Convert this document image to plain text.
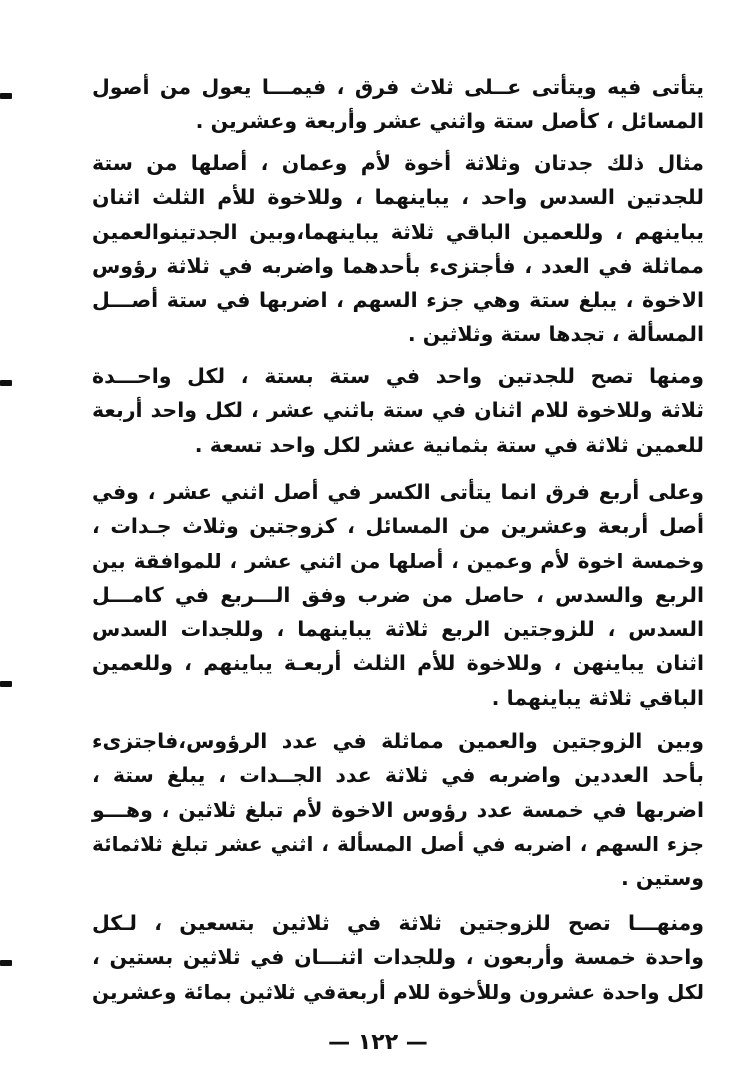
يتأتى فيه ويتأتى عــلى ثلاث فرق ، فيمـــا يعول من أصول
المسائل ، كأصل ستة واثني عشر وأربعة وعشرين .
مثال ذلك جدتان وثلاثة أخوة لأم وعمان ، أصلها من ستة
للجدتين السدس واحد ، يباينهما ، وللاخوة للأم الثلث اثنان
يباينهم ، وللعمين الباقي ثلاثة يباينهما،وبين الجدتينوالعمين
مماثلة في العدد ، فأجتزىء بأحدهما واضربه في ثلاثة رؤوس
الاخوة ، يبلغ ستة وهي جزء السهم ، اضربها في ستة أصـــل
المسألة ، تجدها ستة وثلاثين .
ومنها تصح للجدتين واحد في ستة بستة ، لكل واحـــدة
ثلاثة وللاخوة للام اثنان في ستة باثني عشر ، لكل واحد أربعة
للعمين ثلاثة في ستة بثمانية عشر لكل واحد تسعة .
وعلى أربع فرق انما يتأتى الكسر في أصل اثني عشر ، وفي
أصل أربعة وعشرين من المسائل ، كزوجتين وثلاث جـدات ،
وخمسة اخوة لأم وعمين ، أصلها من اثني عشر ، للموافقة بين
الربع والسدس ، حاصل من ضرب وفق الـــربع في كامـــل
السدس ، للزوجتين الربع ثلاثة يباينهما ، وللجدات السدس
اثنان يباينهن ، وللاخوة للأم الثلث أربعـة يباينهم ، وللعمين
الباقي ثلاثة يباينهما .
وبين الزوجتين والعمين مماثلة في عدد الرؤوس،فاجتزىء
بأحد العددين واضربه في ثلاثة عدد الجــدات ، يبلغ ستة ،
اضربها في خمسة عدد رؤوس الاخوة لأم تبلغ ثلاثين ، وهـــو
جزء السهم ، اضربه في أصل المسألة ، اثني عشر تبلغ ثلاثمائة
وستين .
ومنهـــا تصح للزوجتين ثلاثة في ثلاثين بتسعين ، لـكل
واحدة خمسة وأربعون ، وللجدات اثنـــان في ثلاثين بستين ،
لكل واحدة عشرون وللأخوة للام أربعةفي ثلاثين بمائة وعشرين
— ١٢٢ —
